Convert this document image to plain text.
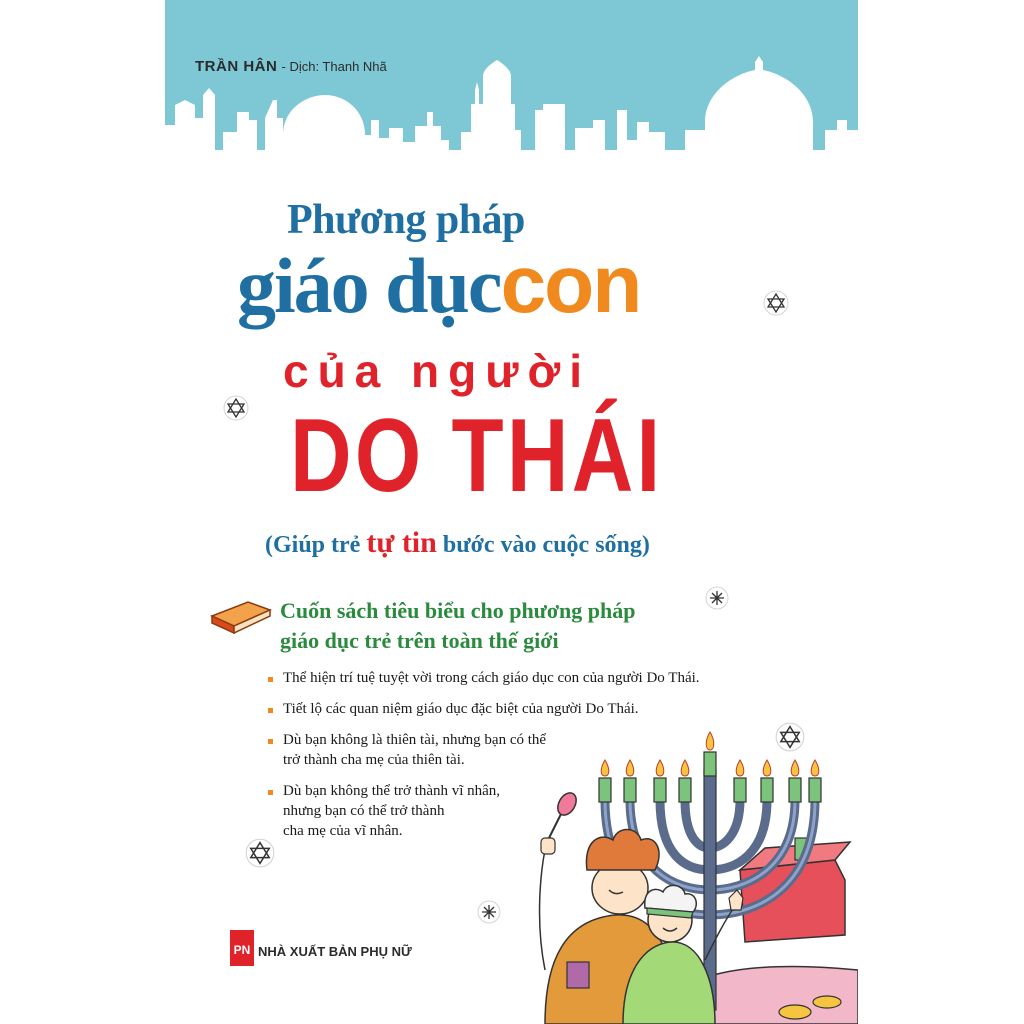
TRẦN HÂN - Dịch: Thanh Nhã
Phương pháp
giáo dụccon
của người
DO THÁI
(Giúp trẻ tự tin bước vào cuộc sống)
Cuốn sách tiêu biểu cho phương pháp
giáo dục trẻ trên toàn thế giới
Thể hiện trí tuệ tuyệt vời trong cách giáo dục con của người Do Thái.
Tiết lộ các quan niệm giáo dục đặc biệt của người Do Thái.
Dù bạn không là thiên tài, nhưng bạn có thể
trở thành cha mẹ của thiên tài.
Dù bạn không thể trở thành vĩ nhân,
nhưng bạn có thể trở thành
cha mẹ của vĩ nhân.
PN NHÀ XUẤT BẢN PHỤ NỮ
